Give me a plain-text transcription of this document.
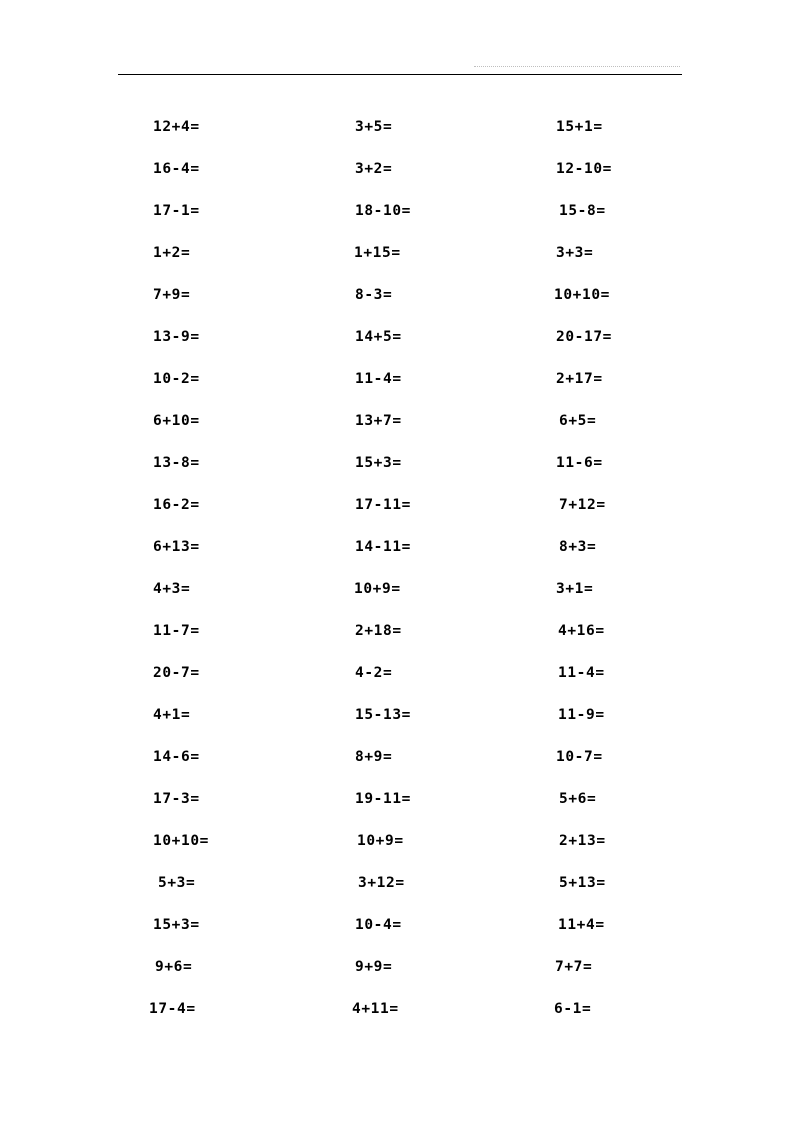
12+4=
16-4=
17-1=
1+2=
7+9=
13-9=
10-2=
6+10=
13-8=
16-2=
6+13=
4+3=
11-7=
20-7=
4+1=
14-6=
17-3=
10+10=
5+3=
15+3=
9+6=
17-4=
3+5=
3+2=
18-10=
1+15=
8-3=
14+5=
11-4=
13+7=
15+3=
17-11=
14-11=
10+9=
2+18=
4-2=
15-13=
8+9=
19-11=
10+9=
3+12=
10-4=
9+9=
4+11=
15+1=
12-10=
15-8=
3+3=
10+10=
20-17=
2+17=
6+5=
11-6=
7+12=
8+3=
3+1=
4+16=
11-4=
11-9=
10-7=
5+6=
2+13=
5+13=
11+4=
7+7=
6-1=
